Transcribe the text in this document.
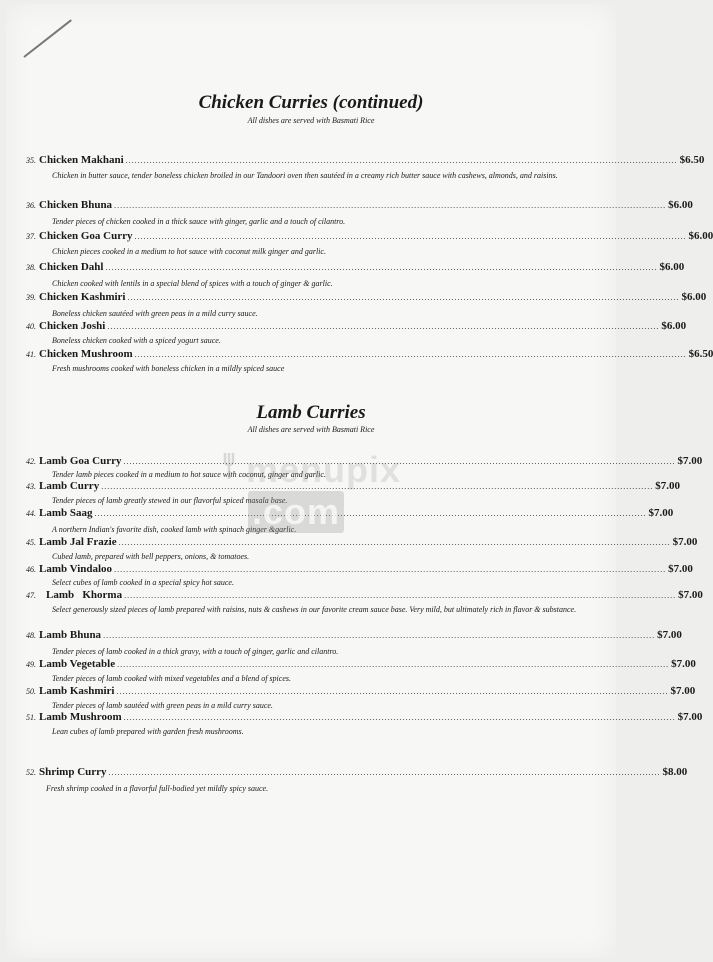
Chicken Curries (continued)
All dishes are served with Basmati Rice
Lamb Curries
All dishes are served with Basmati Rice
35. Chicken Makhani ........................................................................................................................................................................................ $6.50
Chicken in butter sauce, tender boneless chicken broiled in our Tandoori oven then sautéed in a creamy rich butter sauce with cashews, almonds, and raisins.
36. Chicken Bhuna ........................................................................................................................................................................................ $6.00
Tender pieces of chicken cooked in a thick sauce with ginger, garlic and a touch of cilantro.
37. Chicken Goa Curry ........................................................................................................................................................................................ $6.00
Chicken pieces cooked in a medium to hot sauce with coconut milk ginger and garlic.
38. Chicken Dahl ........................................................................................................................................................................................ $6.00
Chicken cooked with lentils in a special blend of spices with a touch of ginger & garlic.
39. Chicken Kashmiri ........................................................................................................................................................................................ $6.00
Boneless chicken sautéed with green peas in a mild curry sauce.
40. Chicken Joshi ........................................................................................................................................................................................ $6.00
Boneless chicken cooked with a spiced yogurt sauce.
41. Chicken Mushroom ........................................................................................................................................................................................ $6.50
Fresh mushrooms cooked with boneless chicken in a mildly spiced sauce
42. Lamb Goa Curry ........................................................................................................................................................................................ $7.00
Tender lamb pieces cooked in a medium to hot sauce with coconut, ginger and garlic.
43. Lamb Curry ........................................................................................................................................................................................ $7.00
Tender pieces of lamb greatly stewed in our flavorful spiced masala base.
44. Lamb Saag ........................................................................................................................................................................................ $7.00
A northern Indian's favorite dish, cooked lamb with spinach ginger &garlic.
45. Lamb Jal Frazie ........................................................................................................................................................................................ $7.00
Cubed lamb, prepared with bell peppers, onions, & tomatoes.
46. Lamb Vindaloo ........................................................................................................................................................................................ $7.00
Select cubes of lamb cooked in a special spicy hot sauce.
47. Lamb   Khorma ........................................................................................................................................................................................ $7.00
Select generously sized pieces of lamb prepared with raisins, nuts & cashews in our favorite cream sauce base. Very mild, but ultimately rich in flavor & substance.
48. Lamb Bhuna ........................................................................................................................................................................................ $7.00
Tender pieces of lamb cooked in a thick gravy, with a touch of ginger, garlic and cilantro.
49. Lamb Vegetable ........................................................................................................................................................................................ $7.00
Tender pieces of lamb cooked with mixed vegetables and a blend of spices.
50. Lamb Kashmiri ........................................................................................................................................................................................ $7.00
Tender pieces of lamb sautéed with green peas in a mild curry sauce.
51. Lamb Mushroom ........................................................................................................................................................................................ $7.00
Lean cubes of lamb prepared with garden fresh mushrooms.
52. Shrimp Curry ........................................................................................................................................................................................ $8.00
Fresh shrimp cooked in a flavorful full-bodied yet mildly spicy sauce.
menupix.com
